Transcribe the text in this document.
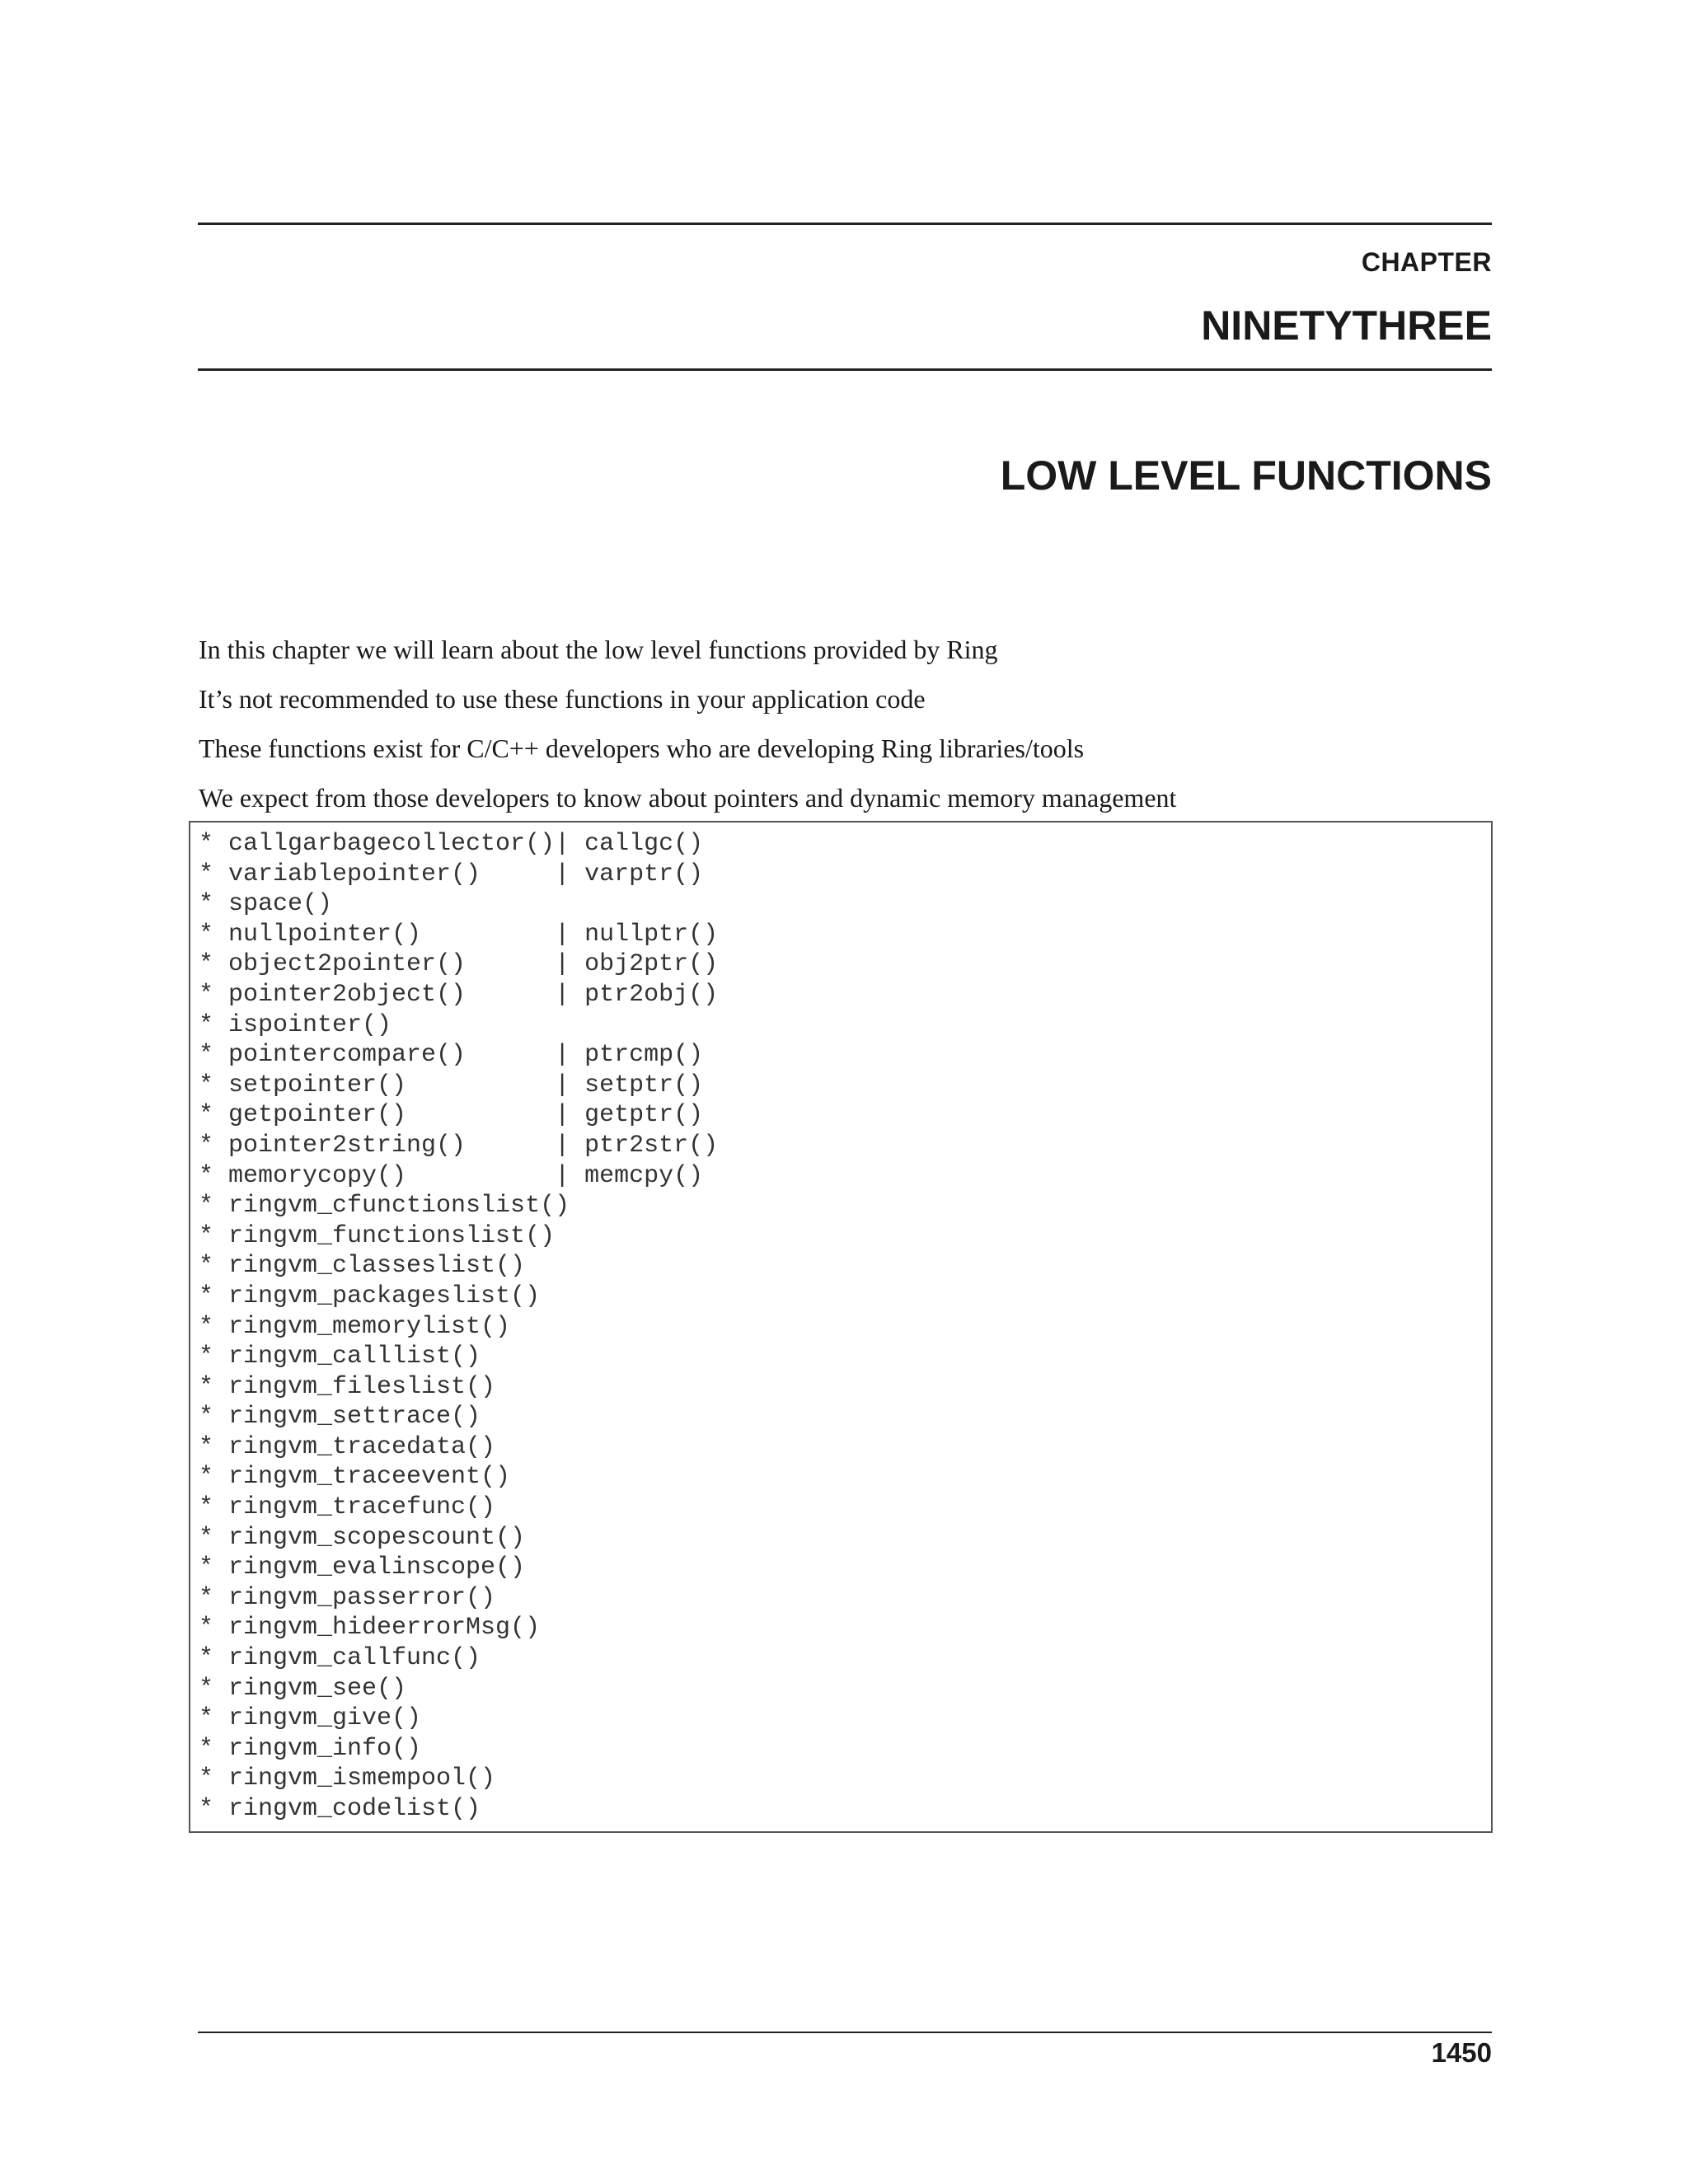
CHAPTER
NINETYTHREE
LOW LEVEL FUNCTIONS

In this chapter we will learn about the low level functions provided by Ring

It’s not recommended to use these functions in your application code

These functions exist for C/C++ developers who are developing Ring libraries/tools

We expect from those developers to know about pointers and dynamic memory management

* callgarbagecollector()| callgc()
* variablepointer()     | varptr()
* space()
* nullpointer()         | nullptr()
* object2pointer()      | obj2ptr()
* pointer2object()      | ptr2obj()
* ispointer()
* pointercompare()      | ptrcmp()
* setpointer()          | setptr()
* getpointer()          | getptr()
* pointer2string()      | ptr2str()
* memorycopy()          | memcpy()
* ringvm_cfunctionslist()
* ringvm_functionslist()
* ringvm_classeslist()
* ringvm_packageslist()
* ringvm_memorylist()
* ringvm_calllist()
* ringvm_fileslist()
* ringvm_settrace()
* ringvm_tracedata()
* ringvm_traceevent()
* ringvm_tracefunc()
* ringvm_scopescount()
* ringvm_evalinscope()
* ringvm_passerror()
* ringvm_hideerrorMsg()
* ringvm_callfunc()
* ringvm_see()
* ringvm_give()
* ringvm_info()
* ringvm_ismempool()
* ringvm_codelist()
1450
